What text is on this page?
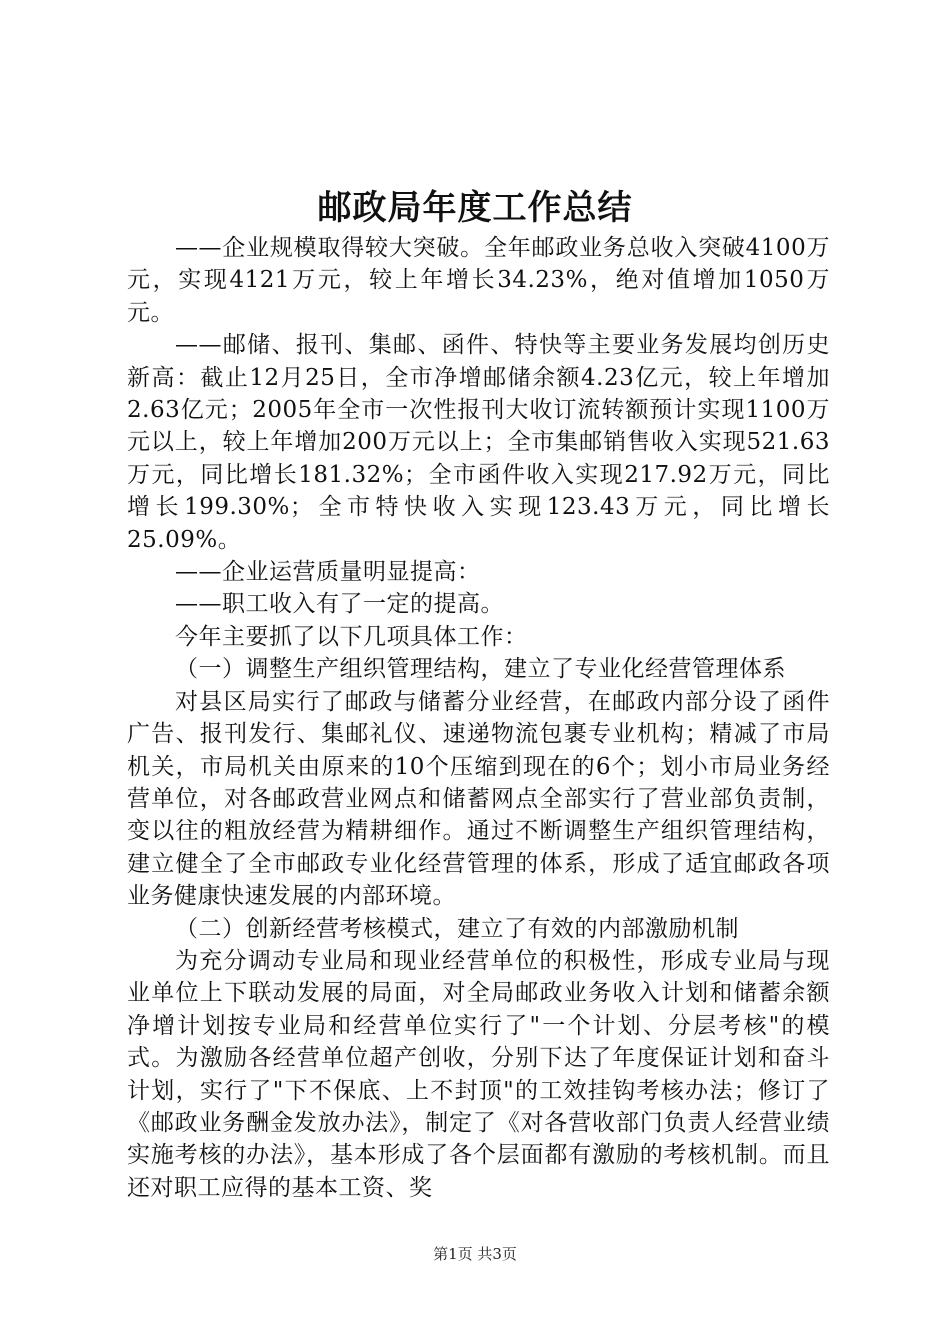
邮政局年度工作总结

——企业规模取得较大突破。全年邮政业务总收入突破4100万元，实现4121万元，较上年增长34.23%，绝对值增加1050万元。

——邮储、报刊、集邮、函件、特快等主要业务发展均创历史新高：截止12月25日，全市净增邮储余额4.23亿元，较上年增加2.63亿元；2005年全市一次性报刊大收订流转额预计实现1100万元以上，较上年增加200万元以上；全市集邮销售收入实现521.63万元，同比增长181.32%；全市函件收入实现217.92万元，同比增长199.30%；全市特快收入实现123.43万元，同比增长25.09%。

——企业运营质量明显提高：

——职工收入有了一定的提高。

今年主要抓了以下几项具体工作：

（一）调整生产组织管理结构，建立了专业化经营管理体系

对县区局实行了邮政与储蓄分业经营，在邮政内部分设了函件广告、报刊发行、集邮礼仪、速递物流包裹专业机构；精减了市局机关，市局机关由原来的10个压缩到现在的6个；划小市局业务经营单位，对各邮政营业网点和储蓄网点全部实行了营业部负责制，变以往的粗放经营为精耕细作。通过不断调整生产组织管理结构，建立健全了全市邮政专业化经营管理的体系，形成了适宜邮政各项业务健康快速发展的内部环境。

（二）创新经营考核模式，建立了有效的内部激励机制

为充分调动专业局和现业经营单位的积极性，形成专业局与现业单位上下联动发展的局面，对全局邮政业务收入计划和储蓄余额净增计划按专业局和经营单位实行了"一个计划、分层考核"的模式。为激励各经营单位超产创收，分别下达了年度保证计划和奋斗计划，实行了"下不保底、上不封顶"的工效挂钩考核办法；修订了《邮政业务酬金发放办法》，制定了《对各营收部门负责人经营业绩实施考核的办法》，基本形成了各个层面都有激励的考核机制。而且还对职工应得的基本工资、奖

第1页 共3页
